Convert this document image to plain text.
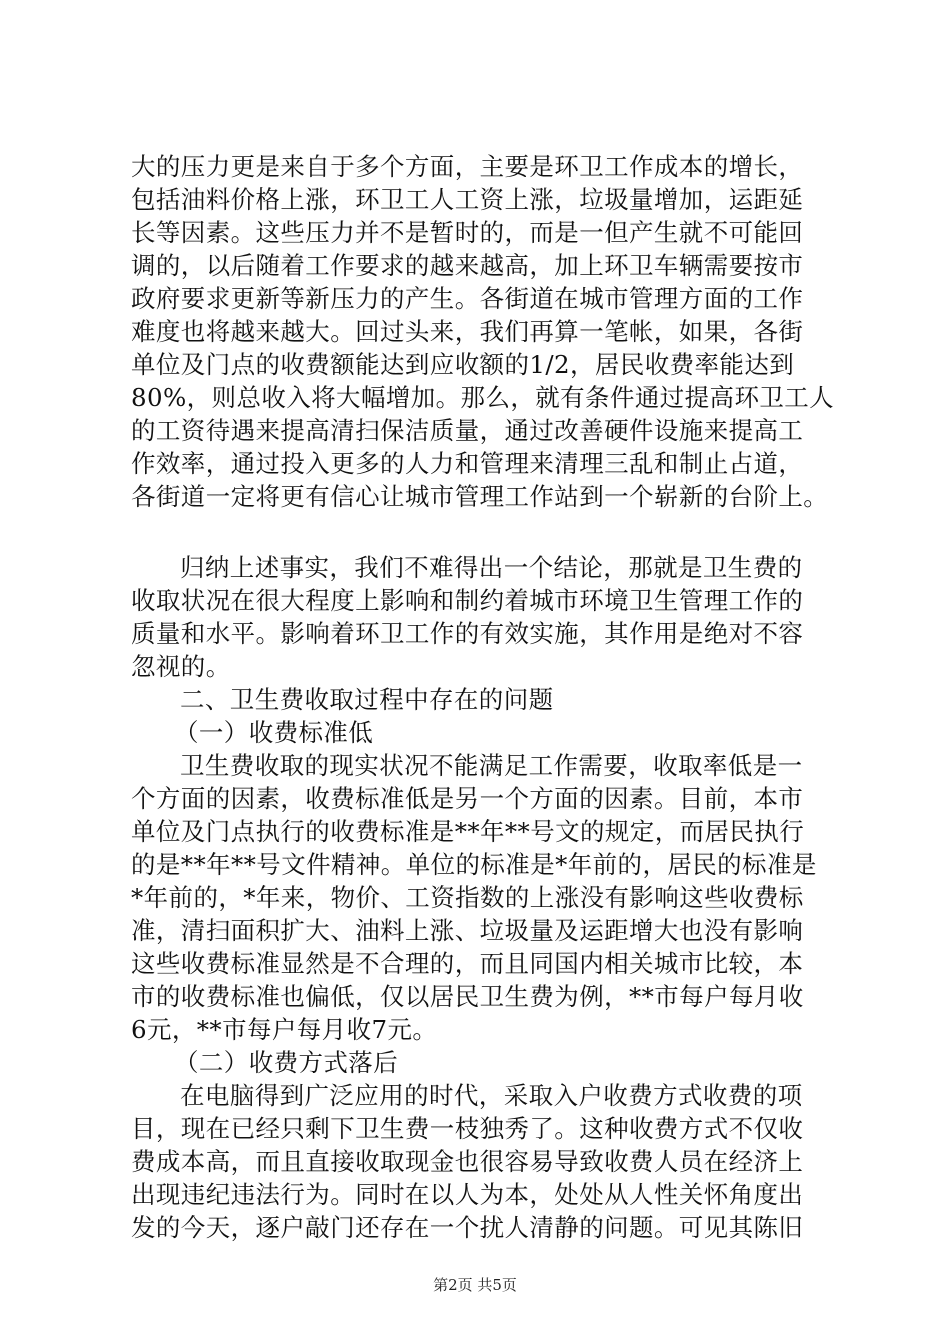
大的压力更是来自于多个方面，主要是环卫工作成本的增长，
包括油料价格上涨，环卫工人工资上涨，垃圾量增加，运距延
长等因素。这些压力并不是暂时的，而是一但产生就不可能回
调的，以后随着工作要求的越来越高，加上环卫车辆需要按市
政府要求更新等新压力的产生。各街道在城市管理方面的工作
难度也将越来越大。回过头来，我们再算一笔帐，如果，各街
单位及门点的收费额能达到应收额的1/2，居民收费率能达到
80%，则总收入将大幅增加。那么，就有条件通过提高环卫工人
的工资待遇来提高清扫保洁质量，通过改善硬件设施来提高工
作效率，通过投入更多的人力和管理来清理三乱和制止占道，
各街道一定将更有信心让城市管理工作站到一个崭新的台阶上。
归纳上述事实，我们不难得出一个结论，那就是卫生费的
收取状况在很大程度上影响和制约着城市环境卫生管理工作的
质量和水平。影响着环卫工作的有效实施，其作用是绝对不容
忽视的。
二、卫生费收取过程中存在的问题
（一）收费标准低
卫生费收取的现实状况不能满足工作需要，收取率低是一
个方面的因素，收费标准低是另一个方面的因素。目前，本市
单位及门点执行的收费标准是**年**号文的规定，而居民执行
的是**年**号文件精神。单位的标准是*年前的，居民的标准是
*年前的，*年来，物价、工资指数的上涨没有影响这些收费标
准，清扫面积扩大、油料上涨、垃圾量及运距增大也没有影响
这些收费标准显然是不合理的，而且同国内相关城市比较，本
市的收费标准也偏低，仅以居民卫生费为例，**市每户每月收
6元，**市每户每月收7元。
（二）收费方式落后
在电脑得到广泛应用的时代，采取入户收费方式收费的项
目，现在已经只剩下卫生费一枝独秀了。这种收费方式不仅收
费成本高，而且直接收取现金也很容易导致收费人员在经济上
出现违纪违法行为。同时在以人为本，处处从人性关怀角度出
发的今天，逐户敲门还存在一个扰人清静的问题。可见其陈旧
第2页 共5页
